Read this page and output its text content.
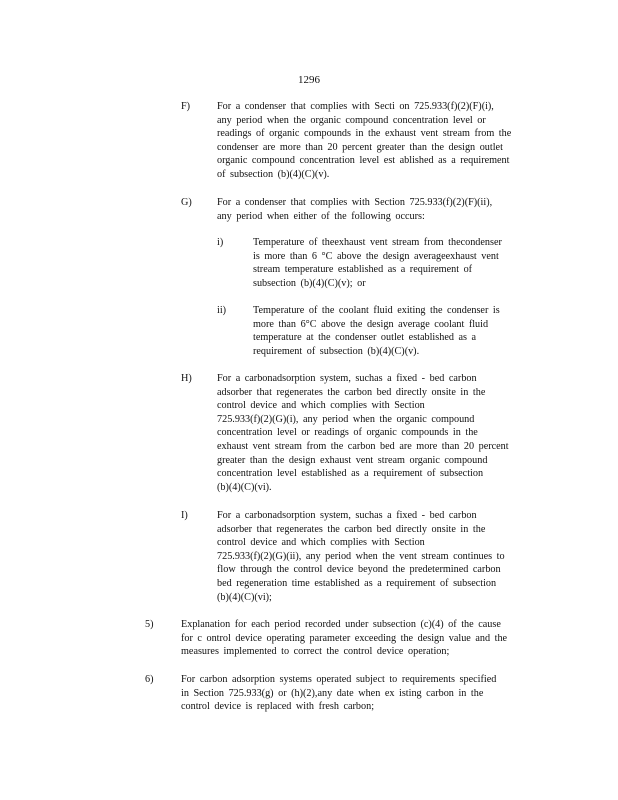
1296
F)	For a condenser that complies with Secti on 725.933(f)(2)(F)(i),
any period when the organic compound concentration level or
readings of organic compounds in the exhaust vent stream from the
condenser are more than 20 percent greater than the design outlet
organic compound concentration level est ablished as a requirement
of subsection (b)(4)(C)(v).
G) For a condenser that complies with Section 725.933(f)(2)(F)(ii),
any period when either of the following occurs:
i)	Temperature of theexhaust vent stream from thecondenser
is more than 6 °C above the design averageexhaust vent
stream temperature established as a requirement of
subsection (b)(4)(C)(v); or
ii)	Temperature of the coolant fluid exiting the condenser is
more than 6°C above the design average coolant fluid
temperature at the condenser outlet established as a
requirement of subsection (b)(4)(C)(v).
H) For a carbonadsorption system, suchas a fixed - bed carbon
adsorber that regenerates the carbon bed directly onsite in the
control device and which complies with Section
725.933(f)(2)(G)(i), any period when the organic compound
concentration level or readings of organic compounds in the
exhaust vent stream from the carbon bed are more than 20 percent
greater than the design exhaust vent stream organic compound
concentration level established as a requirement of subsection
(b)(4)(C)(vi).
I)	For a carbonadsorption system, suchas a fixed - bed carbon
adsorber that regenerates the carbon bed directly onsite in the
control device and which complies with Section
725.933(f)(2)(G)(ii), any period when the vent stream continues to
flow through the control device beyond the predetermined carbon
bed regeneration time established as a requirement of subsection
(b)(4)(C)(vi);
5)	Explanation for each period recorded under subsection (c)(4) of the cause
for c ontrol device operating parameter exceeding the design value and the
measures implemented to correct the control device operation;
6)	For carbon adsorption systems operated subject to requirements specified
in Section 725.933(g) or (h)(2),any date when ex isting carbon in the
control device is replaced with fresh carbon;
